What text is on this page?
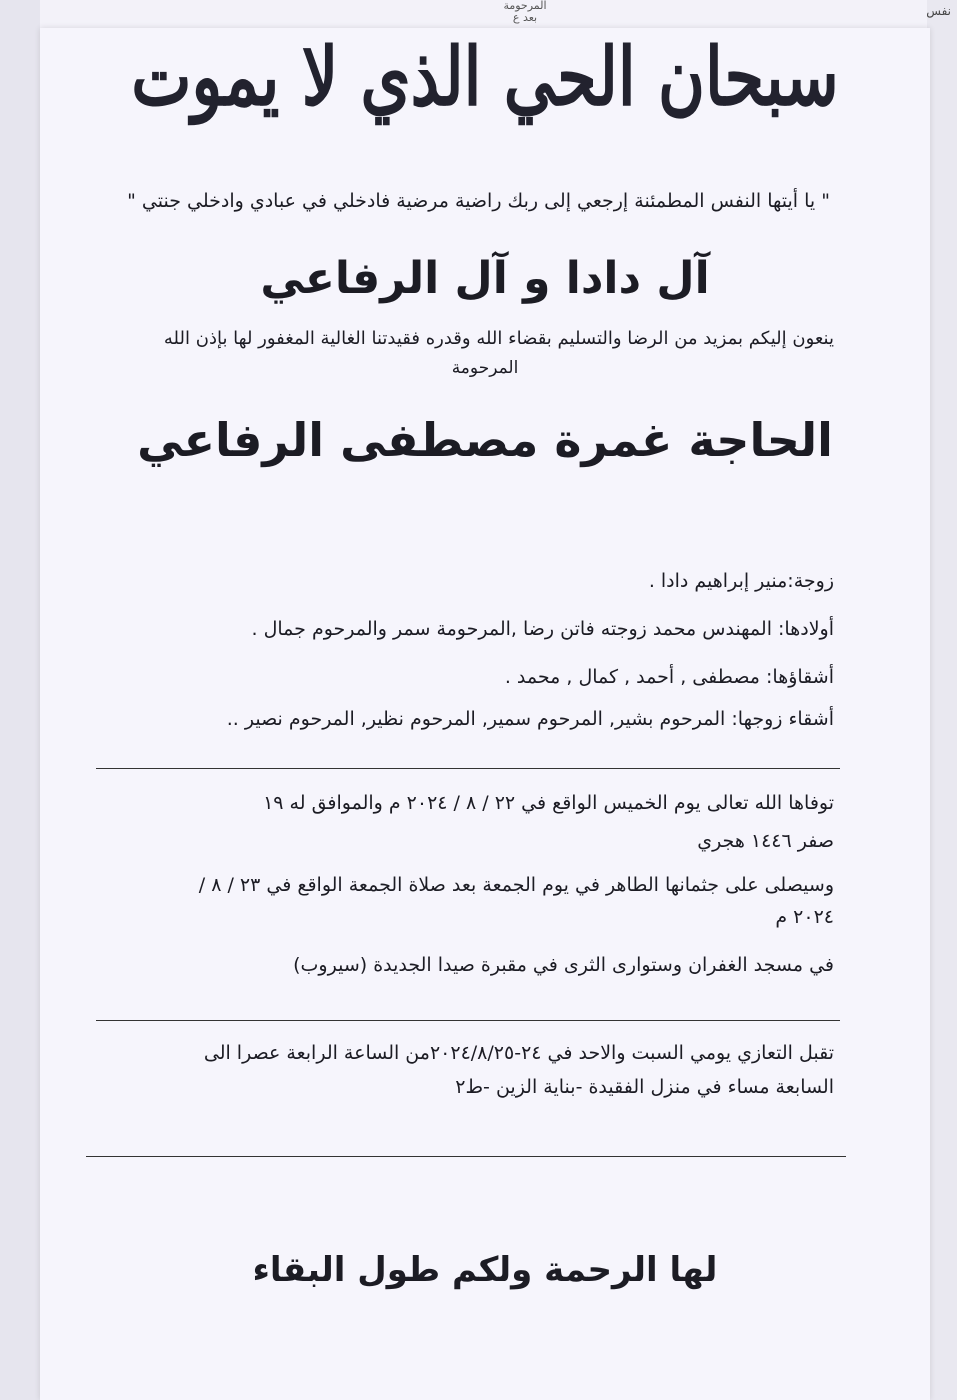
المرحومة
بعد ع	نفس
سبحان الحي الذي لا يموت
" يا أيتها النفس المطمئنة إرجعي إلى ربك راضية مرضية فادخلي في عبادي وادخلي جنتي "
آل دادا و آل الرفاعي
ينعون إليكم بمزيد من الرضا والتسليم بقضاء الله وقدره فقيدتنا الغالية المغفور لها بإذن الله
المرحومة
الحاجة غمرة مصطفى الرفاعي
زوجة:منير إبراهيم دادا .
أولادها: المهندس محمد زوجته فاتن رضا ,المرحومة سمر والمرحوم جمال .
أشقاؤها: مصطفى , أحمد , كمال , محمد .
أشقاء زوجها: المرحوم بشير, المرحوم سمير, المرحوم نظير, المرحوم نصير ..
توفاها الله تعالى يوم الخميس الواقع في ٢٢ / ٨ / ٢٠٢٤ م والموافق له ١٩
صفر ١٤٤٦ هجري
وسيصلى على جثمانها الطاهر في يوم الجمعة بعد صلاة الجمعة الواقع في ٢٣ / ٨ /
٢٠٢٤ م
في مسجد الغفران وستوارى الثرى في مقبرة صيدا الجديدة (سيروب)
تقبل التعازي يومي السبت والاحد في ٢٤-٢٠٢٤/٨/٢٥من الساعة الرابعة عصرا الى
السابعة مساء في منزل الفقيدة -بناية الزين -ط٢
لها الرحمة ولكم طول البقاء
